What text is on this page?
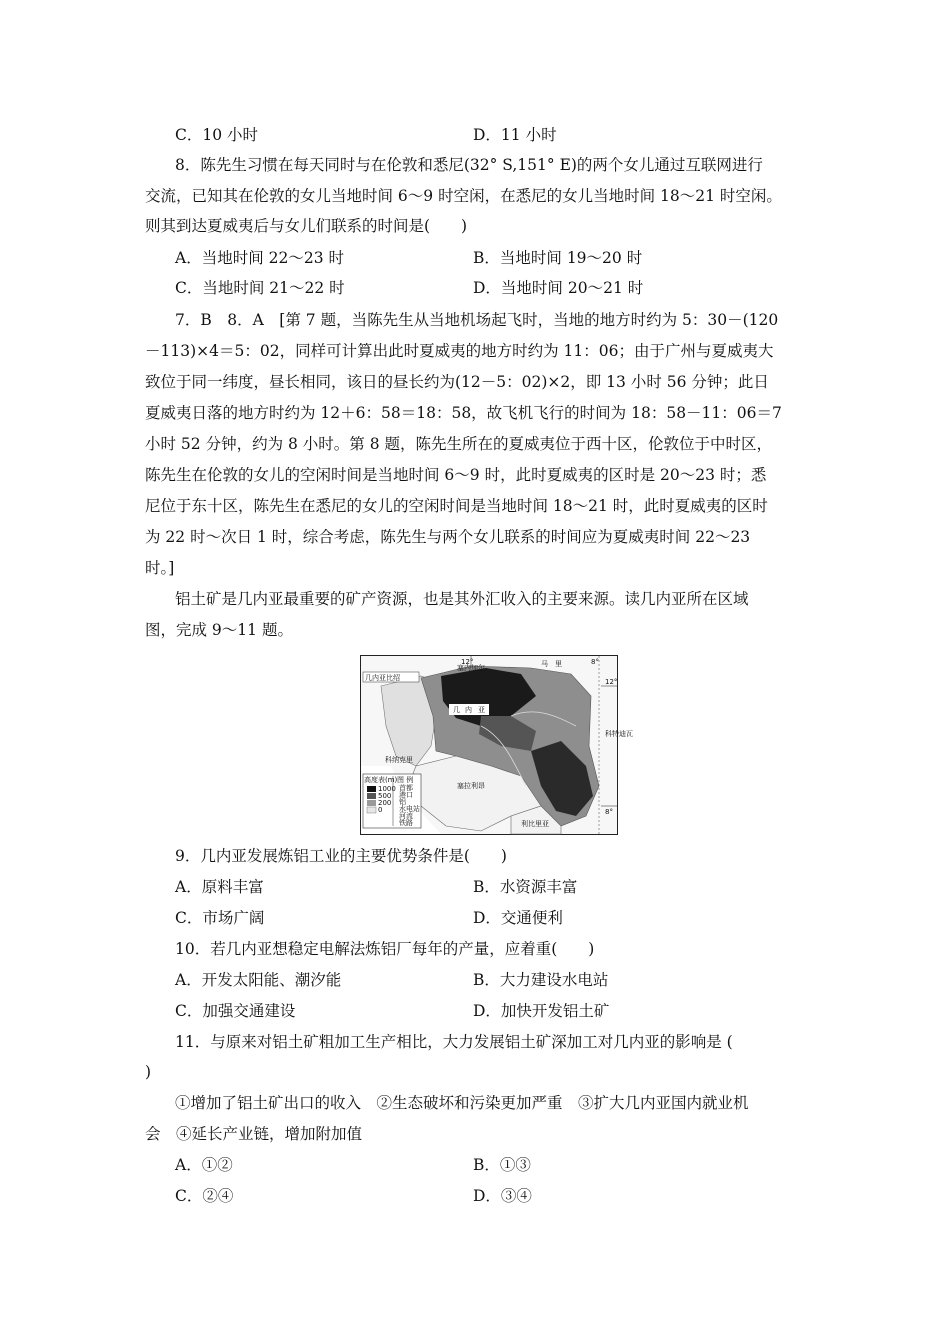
C．10 小时	D．11 小时
8．陈先生习惯在每天同时与在伦敦和悉尼(32° S,151° E)的两个女儿通过互联网进行
交流，已知其在伦敦的女儿当地时间 6～9 时空闲，在悉尼的女儿当地时间 18～21 时空闲。
则其到达夏威夷后与女儿们联系的时间是(　　)
A．当地时间 22～23 时	B．当地时间 19～20 时
C．当地时间 21～22 时	D．当地时间 20～21 时
7．B　8．A　[第 7 题，当陈先生从当地机场起飞时，当地的地方时约为 5：30－(120
－113)×4＝5：02，同样可计算出此时夏威夷的地方时约为 11：06；由于广州与夏威夷大
致位于同一纬度，昼长相同，该日的昼长约为(12－5：02)×2，即 13 小时 56 分钟；此日
夏威夷日落的地方时约为 12＋6：58＝18：58，故飞机飞行的时间为 18：58－11：06＝7
小时 52 分钟，约为 8 小时。第 8 题，陈先生所在的夏威夷位于西十区，伦敦位于中时区，
陈先生在伦敦的女儿的空闲时间是当地时间 6～9 时，此时夏威夷的区时是 20～23 时；悉
尼位于东十区，陈先生在悉尼的女儿的空闲时间是当地时间 18～21 时，此时夏威夷的区时
为 22 时～次日 1 时，综合考虑，陈先生与两个女儿联系的时间应为夏威夷时间 22～23
时。]
铝土矿是几内亚最重要的矿产资源，也是其外汇收入的主要来源。读几内亚所在区域
图，完成 9～11 题。
9．几内亚发展炼铝工业的主要优势条件是(　　)
A．原料丰富	B．水资源丰富
C．市场广阔	D．交通便利
10．若几内亚想稳定电解法炼铝厂每年的产量，应着重(　　)
A．开发太阳能、潮汐能	B．大力建设水电站
C．加强交通建设	D．加快开发铝土矿
11．与原来对铝土矿粗加工生产相比，大力发展铝土矿深加工对几内亚的影响是 (
)
①增加了铝土矿出口的收入　②生态破坏和污染更加严重　③扩大几内亚国内就业机
会　④延长产业链，增加附加值
A．①②	B．①③
C．②④	D．③④
12°	8°
12°
8°
塞内加尔	马　里
几内亚比绍
几 内 亚
科纳克里
塞拉利昂
利比里亚
科特迪瓦
高度表(m)
1000
500
200
0
图 例
首都
港口
铝
水电站
河流
铁路
